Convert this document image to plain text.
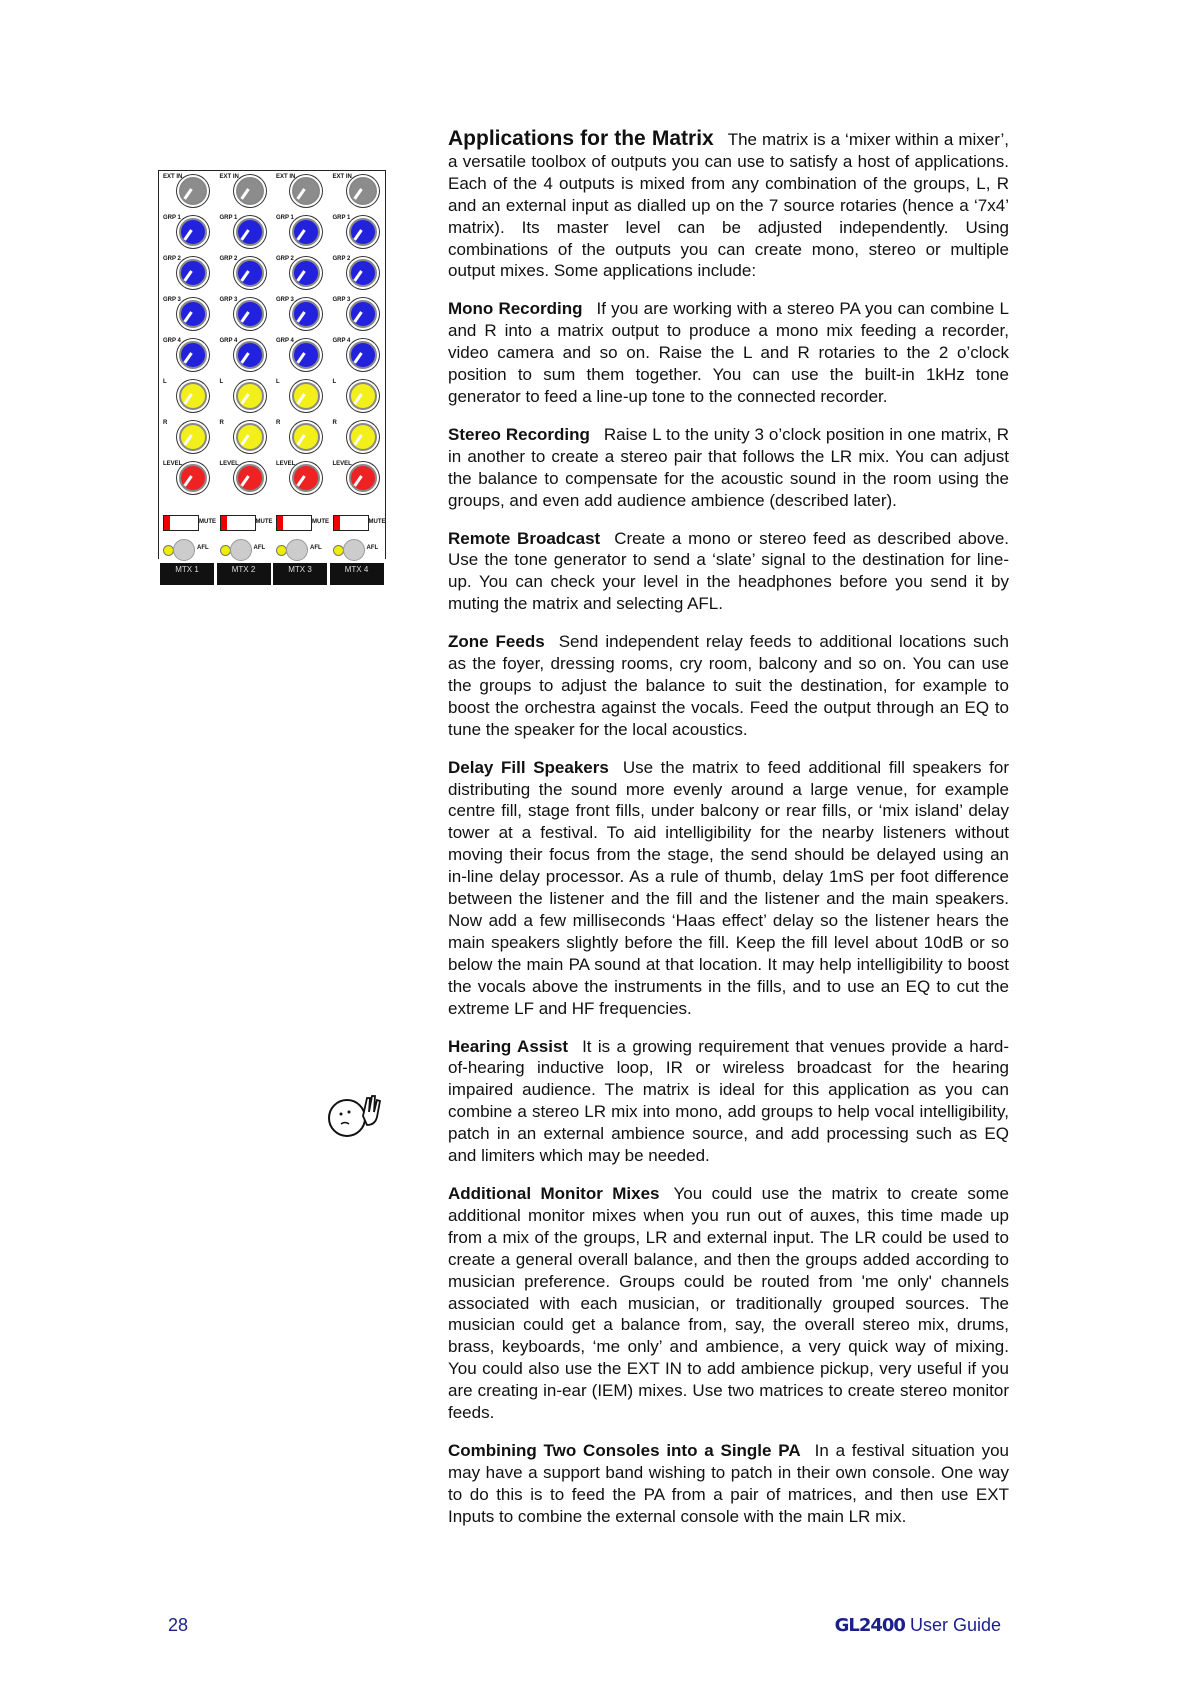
EXT IN
GRP 1
GRP 2
GRP 3
GRP 4
L
R
LEVEL
MUTE
AFL
MTX 1
EXT IN
GRP 1
GRP 2
GRP 3
GRP 4
L
R
LEVEL
MUTE
AFL
MTX 2
EXT IN
GRP 1
GRP 2
GRP 3
GRP 4
L
R
LEVEL
MUTE
AFL
MTX 3
EXT IN
GRP 1
GRP 2
GRP 3
GRP 4
L
R
LEVEL
MUTE
AFL
MTX 4

Applications for the Matrix The matrix is a ‘mixer within a mixer’, a versatile toolbox of outputs you can use to satisfy a host of applications. Each of the 4 outputs is mixed from any combination of the groups, L, R and an external input as dialled up on the 7 source rotaries (hence a ‘7x4’ matrix). Its master level can be adjusted independently. Using combinations of the outputs you can create mono, stereo or multiple output mixes. Some applications include:

Mono Recording If you are working with a stereo PA you can combine L and R into a matrix output to produce a mono mix feeding a recorder, video camera and so on. Raise the L and R rotaries to the 2 o’clock position to sum them together. You can use the built-in 1kHz tone generator to feed a line-up tone to the connected recorder.

Stereo Recording Raise L to the unity 3 o’clock position in one matrix, R in another to create a stereo pair that follows the LR mix. You can adjust the balance to compensate for the acoustic sound in the room using the groups, and even add audience ambience (described later).

Remote Broadcast Create a mono or stereo feed as described above. Use the tone generator to send a ‘slate’ signal to the destination for line-up. You can check your level in the headphones before you send it by muting the matrix and selecting AFL.

Zone Feeds Send independent relay feeds to additional locations such as the foyer, dressing rooms, cry room, balcony and so on. You can use the groups to adjust the balance to suit the destination, for example to boost the orchestra against the vocals. Feed the output through an EQ to tune the speaker for the local acoustics.

Delay Fill Speakers Use the matrix to feed additional fill speakers for distributing the sound more evenly around a large venue, for example centre fill, stage front fills, under balcony or rear fills, or ‘mix island’ delay tower at a festival. To aid intelligibility for the nearby listeners without moving their focus from the stage, the send should be delayed using an in-line delay processor. As a rule of thumb, delay 1mS per foot difference between the listener and the fill and the listener and the main speakers. Now add a few milliseconds ‘Haas effect’ delay so the listener hears the main speakers slightly before the fill. Keep the fill level about 10dB or so below the main PA sound at that location. It may help intelligibility to boost the vocals above the instruments in the fills, and to use an EQ to cut the extreme LF and HF frequencies.

Hearing Assist It is a growing requirement that venues provide a hard-of-hearing inductive loop, IR or wireless broadcast for the hearing impaired audience. The matrix is ideal for this application as you can combine a stereo LR mix into mono, add groups to help vocal intelligibility, patch in an external ambience source, and add processing such as EQ and limiters which may be needed.

Additional Monitor Mixes You could use the matrix to create some additional monitor mixes when you run out of auxes, this time made up from a mix of the groups, LR and external input. The LR could be used to create a general overall balance, and then the groups added according to musician preference. Groups could be routed from 'me only' channels associated with each musician, or traditionally grouped sources. The musician could get a balance from, say, the overall stereo mix, drums, brass, keyboards, ‘me only’ and ambience, a very quick way of mixing. You could also use the EXT IN to add ambience pickup, very useful if you are creating in-ear (IEM) mixes. Use two matrices to create stereo monitor feeds.

Combining Two Consoles into a Single PA In a festival situation you may have a support band wishing to patch in their own console. One way to do this is to feed the PA from a pair of matrices, and then use EXT Inputs to combine the external console with the main LR mix.

28	GL2400 User Guide
